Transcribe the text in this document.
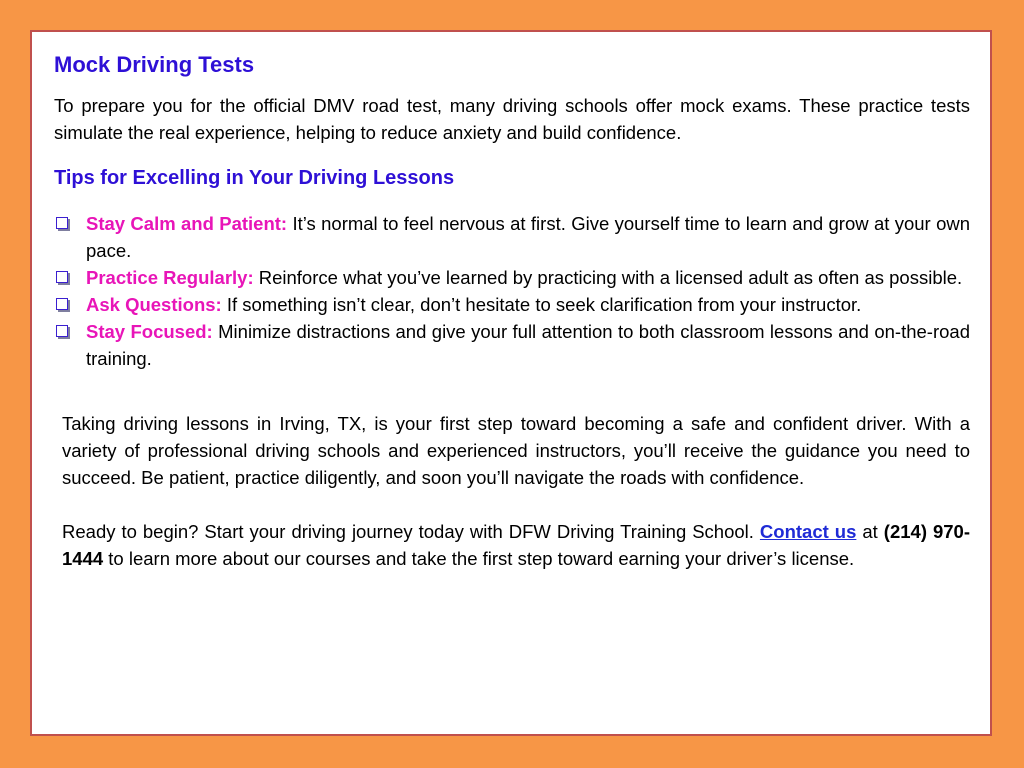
Mock Driving Tests

To prepare you for the official DMV road test, many driving schools offer mock exams. These practice tests simulate the real experience, helping to reduce anxiety and build confidence.

Tips for Excelling in Your Driving Lessons
Stay Calm and Patient: It’s normal to feel nervous at first. Give yourself time to learn and grow at your own pace.
Practice Regularly: Reinforce what you’ve learned by practicing with a licensed adult as often as possible.
Ask Questions: If something isn’t clear, don’t hesitate to seek clarification from your instructor.
Stay Focused: Minimize distractions and give your full attention to both classroom lessons and on-the-road training.

Taking driving lessons in Irving, TX, is your first step toward becoming a safe and confident driver. With a variety of professional driving schools and experienced instructors, you’ll receive the guidance you need to succeed. Be patient, practice diligently, and soon you’ll navigate the roads with confidence.

Ready to begin? Start your driving journey today with DFW Driving Training School. Contact us at (214) 970-1444 to learn more about our courses and take the first step toward earning your driver’s license.
